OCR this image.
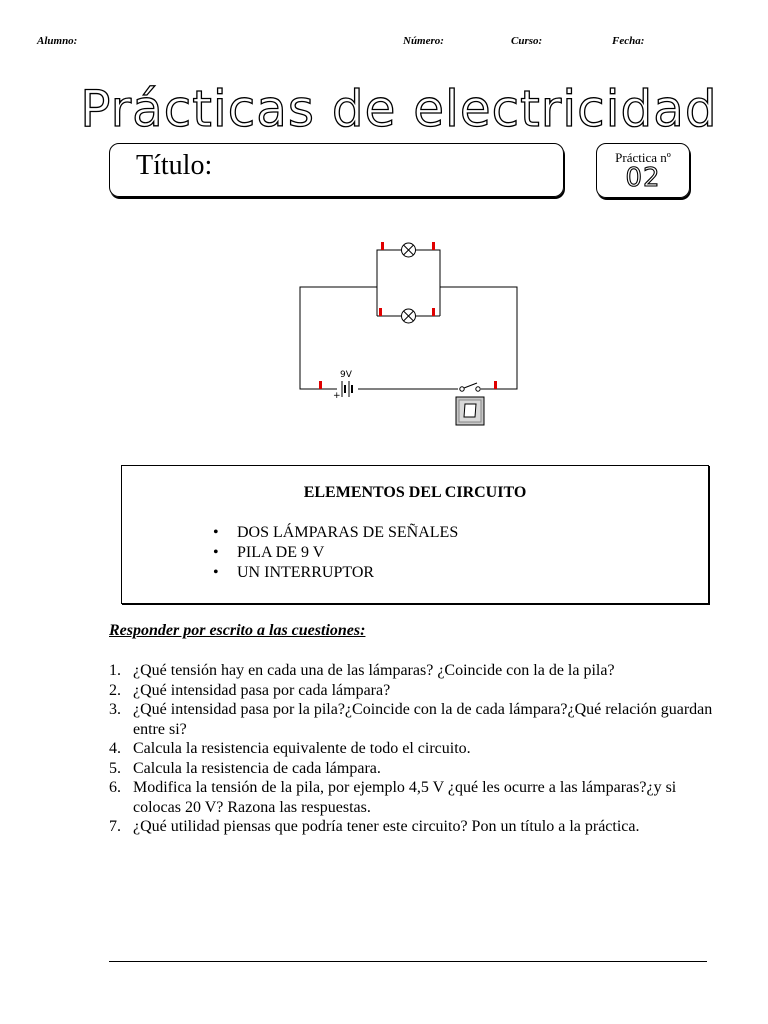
Alumno:	Número:	Curso:	Fecha:
Prácticas de electricidad
Título:	Práctica nº
02
9V
+
ELEMENTOS DEL CIRCUITO
• DOS LÁMPARAS DE SEÑALES
• PILA DE 9 V
• UN INTERRUPTOR
Responder por escrito a las cuestiones:
1. ¿Qué tensión hay en cada una de las lámparas? ¿Coincide con la de la pila?
2. ¿Qué intensidad pasa por cada lámpara?
3. ¿Qué intensidad pasa por la pila?¿Coincide con la de cada lámpara?¿Qué relación guardan entre si?
4. Calcula la resistencia equivalente de todo el circuito.
5. Calcula la resistencia de cada lámpara.
6. Modifica la tensión de la pila, por ejemplo 4,5 V ¿qué les ocurre a las lámparas?¿y si colocas 20 V? Razona las respuestas.
7. ¿Qué utilidad piensas que podría tener este circuito? Pon un título a la práctica.
